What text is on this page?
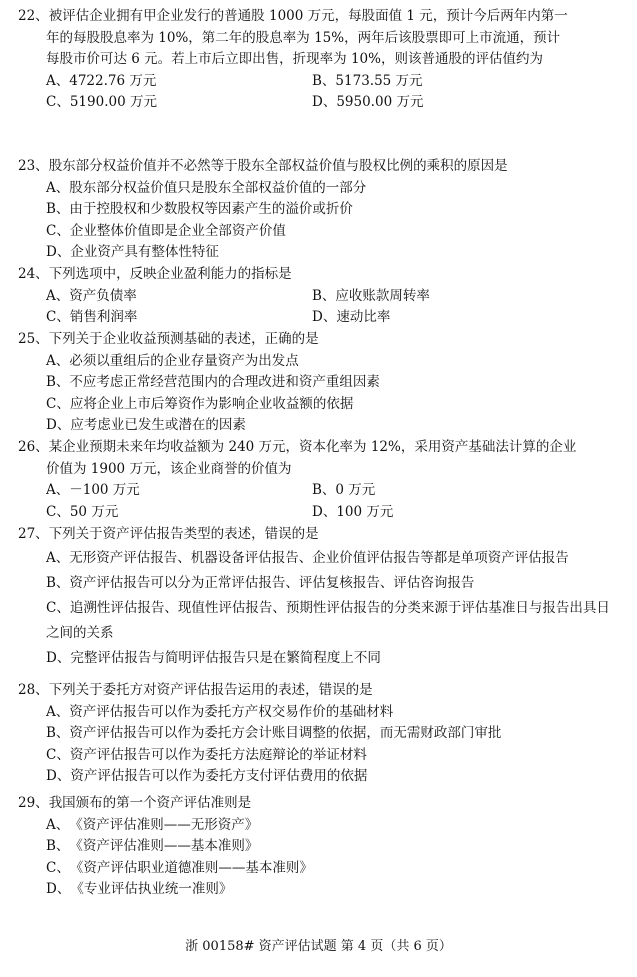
22、被评估企业拥有甲企业发行的普通股 1000 万元，每股面值 1 元，预计今后两年内第一

年的每股股息率为 10%，第二年的股息率为 15%，两年后该股票即可上市流通，预计

每股市价可达 6 元。若上市后立即出售，折现率为 10%，则该普通股的评估值约为

A、4722.76 万元	B、5173.55 万元
C、5190.00 万元	D、5950.00 万元

23、股东部分权益价值并不必然等于股东全部权益价值与股权比例的乘积的原因是

A、股东部分权益价值只是股东全部权益价值的一部分
B、由于控股权和少数股权等因素产生的溢价或折价
C、企业整体价值即是企业全部资产价值
D、企业资产具有整体性特征

24、下列选项中，反映企业盈利能力的指标是

A、资产负债率	B、应收账款周转率
C、销售利润率	D、速动比率

25、下列关于企业收益预测基础的表述，正确的是

A、必须以重组后的企业存量资产为出发点
B、不应考虑正常经营范围内的合理改进和资产重组因素
C、应将企业上市后筹资作为影响企业收益额的依据
D、应考虑业已发生或潜在的因素

26、某企业预期未来年均收益额为 240 万元，资本化率为 12%，采用资产基础法计算的企业

价值为 1900 万元，该企业商誉的价值为

A、－100 万元	B、0 万元
C、50 万元	D、100 万元

27、下列关于资产评估报告类型的表述，错误的是

A、无形资产评估报告、机器设备评估报告、企业价值评估报告等都是单项资产评估报告
B、资产评估报告可以分为正常评估报告、评估复核报告、评估咨询报告
C、追溯性评估报告、现值性评估报告、预期性评估报告的分类来源于评估基准日与报告出具日之间的关系
D、完整评估报告与简明评估报告只是在繁简程度上不同

28、下列关于委托方对资产评估报告运用的表述，错误的是

A、资产评估报告可以作为委托方产权交易作价的基础材料
B、资产评估报告可以作为委托方会计账目调整的依据，而无需财政部门审批
C、资产评估报告可以作为委托方法庭辩论的举证材料
D、资产评估报告可以作为委托方支付评估费用的依据

29、我国颁布的第一个资产评估准则是

A、《资产评估准则——无形资产》
B、《资产评估准则——基本准则》
C、《资产评估职业道德准则——基本准则》
D、《专业评估执业统一准则》
浙 00158# 资产评估试题 第 4 页（共 6 页）
